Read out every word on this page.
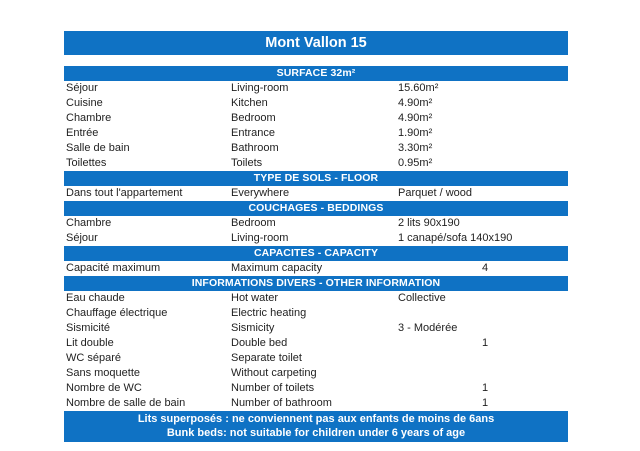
Mont Vallon 15
SURFACE 32m²
Séjour	Living-room	15.60m²
Cuisine	Kitchen	4.90m²
Chambre	Bedroom	4.90m²
Entrée	Entrance	1.90m²
Salle de bain	Bathroom	3.30m²
Toilettes	Toilets	0.95m²
TYPE DE SOLS - FLOOR
Dans tout l'appartement	Everywhere	Parquet / wood
COUCHAGES - BEDDINGS
Chambre	Bedroom	2 lits 90x190
Séjour	Living-room	1 canapé/sofa 140x190
CAPACITES - CAPACITY
Capacité maximum	Maximum capacity	4
INFORMATIONS DIVERS - OTHER INFORMATION
Eau chaude	Hot water	Collective
Chauffage électrique	Electric heating
Sismicité	Sismicity	3 - Modérée
Lit double	Double bed	1
WC séparé	Separate toilet
Sans moquette	Without carpeting
Nombre de WC	Number of toilets	1
Nombre de salle de bain	Number of bathroom	1
Lits superposés : ne conviennent pas aux enfants de moins de 6ans
Bunk beds: not suitable for children under 6 years of age
